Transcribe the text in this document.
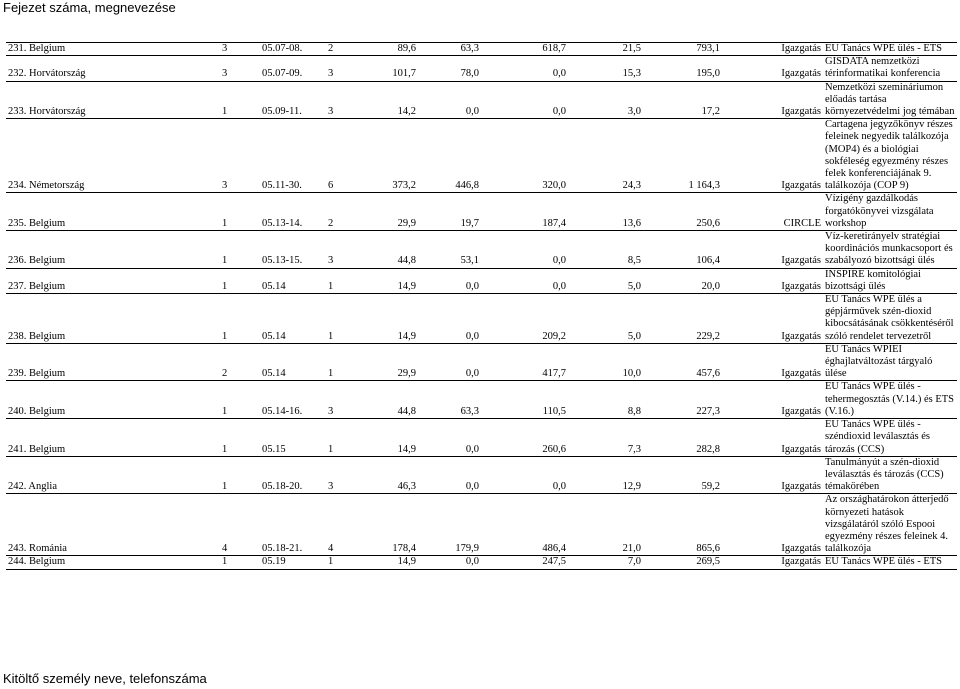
Fejezet száma, megnevezése
231. Belgium	3	05.07-08.	2	89,6	63,3	618,7	21,5	793,1	Igazgatás	EU Tanács WPE ülés - ETS
232. Horvátország	3	05.07-09.	3	101,7	78,0	0,0	15,3	195,0	Igazgatás	GISDATA nemzetközi térinformatikai konferencia
233. Horvátország	1	05.09-11.	3	14,2	0,0	0,0	3,0	17,2	Igazgatás	Nemzetközi szemináriumon előadás tartása környezetvédelmi jog témában
234. Németország	3	05.11-30.	6	373,2	446,8	320,0	24,3	1 164,3	Igazgatás	Cartagena jegyzőkönyv részes feleinek negyedik találkozója (MOP4) és a biológiai sokféleség egyezmény részes felek konferenciájának 9. találkozója (COP 9)
235. Belgium	1	05.13-14.	2	29,9	19,7	187,4	13,6	250,6	CIRCLE	Vízigény gazdálkodás forgatókönyvei vizsgálata workshop
236. Belgium	1	05.13-15.	3	44,8	53,1	0,0	8,5	106,4	Igazgatás	Víz-keretirányelv stratégiai koordinációs munkacsoport és szabályozó bizottsági ülés
237. Belgium	1	05.14	1	14,9	0,0	0,0	5,0	20,0	Igazgatás	INSPIRE komitológiai bizottsági ülés
238. Belgium	1	05.14	1	14,9	0,0	209,2	5,0	229,2	Igazgatás	EU Tanács WPE ülés a gépjárművek szén-dioxid kibocsátásának csökkentéséről szóló rendelet tervezetről
239. Belgium	2	05.14	1	29,9	0,0	417,7	10,0	457,6	Igazgatás	EU Tanács WPIEI éghajlatváltozást tárgyaló ülése
240. Belgium	1	05.14-16.	3	44,8	63,3	110,5	8,8	227,3	Igazgatás	EU Tanács WPE ülés - tehermegosztás (V.14.) és ETS (V.16.)
241. Belgium	1	05.15	1	14,9	0,0	260,6	7,3	282,8	Igazgatás	EU Tanács WPE ülés - széndioxid leválasztás és tározás (CCS)
242. Anglia	1	05.18-20.	3	46,3	0,0	0,0	12,9	59,2	Igazgatás	Tanulmányút a szén-dioxid leválasztás és tározás (CCS) témakörében
243. Románia	4	05.18-21.	4	178,4	179,9	486,4	21,0	865,6	Igazgatás	Az országhatárokon átterjedő környezeti hatások vizsgálatáról szóló Espooi egyezmény részes feleinek 4. találkozója
244. Belgium	1	05.19	1	14,9	0,0	247,5	7,0	269,5	Igazgatás	EU Tanács WPE ülés - ETS
Kitöltő személy neve, telefonszáma
